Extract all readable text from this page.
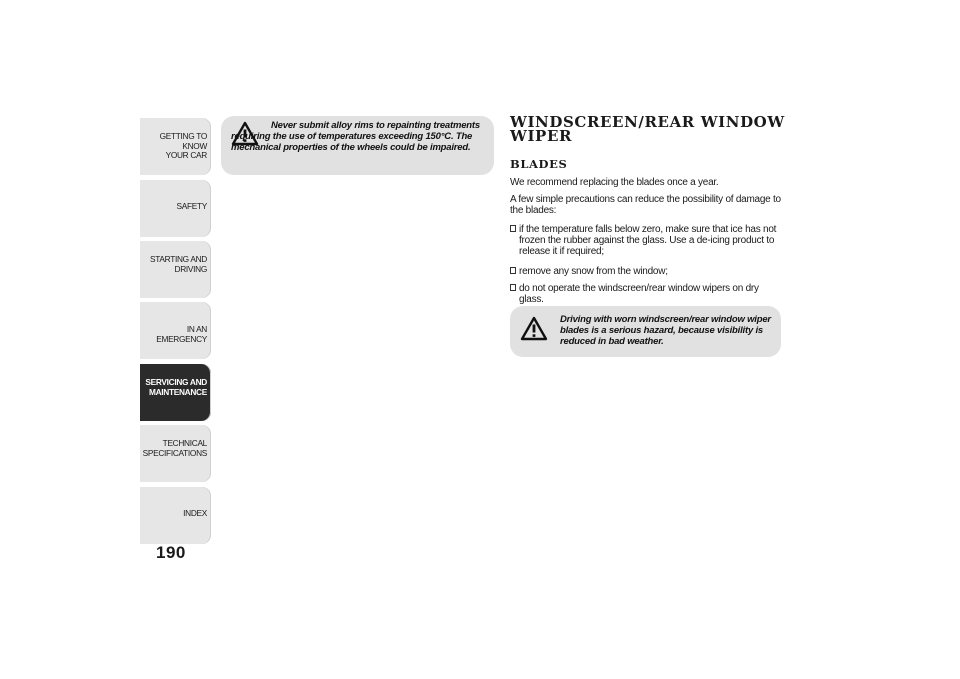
GETTING TO KNOW
YOUR CAR
SAFETY
STARTING AND
DRIVING
IN AN EMERGENCY
SERVICING AND
MAINTENANCE
TECHNICAL
SPECIFICATIONS
INDEX
190
Never submit alloy rims to repainting treatments requiring the use of temperatures exceeding 150°C. The mechanical properties of the wheels could be impaired.
WINDSCREEN/REAR WINDOW WIPER
BLADES
We recommend replacing the blades once a year.
A few simple precautions can reduce the possibility of damage to the blades:
if the temperature falls below zero, make sure that ice has not frozen the rubber against the glass. Use a de-icing product to release it if required;
remove any snow from the window;
do not operate the windscreen/rear window wipers on dry glass.
Driving with worn windscreen/rear window wiper blades is a serious hazard, because visibility is reduced in bad weather.
